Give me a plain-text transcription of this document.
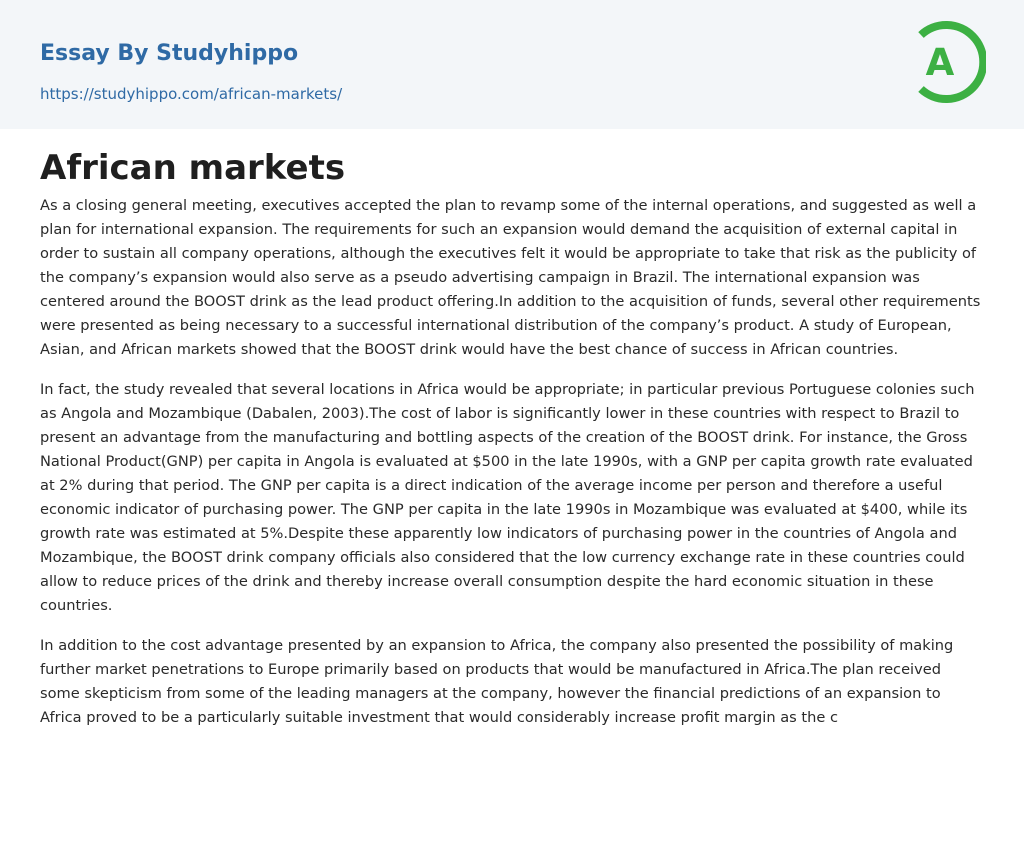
Essay By Studyhippo
https://studyhippo.com/african-markets/
A
African markets

As a closing general meeting, executives accepted the plan to revamp some of the internal operations, and suggested as well a plan for international expansion. The requirements for such an expansion would demand the acquisition of external capital in order to sustain all company operations, although the executives felt it would be appropriate to take that risk as the publicity of the company’s expansion would also serve as a pseudo advertising campaign in Brazil. The international expansion was centered around the BOOST drink as the lead product offering.In addition to the acquisition of funds, several other requirements were presented as being necessary to a successful international distribution of the company’s product. A study of European, Asian, and African markets showed that the BOOST drink would have the best chance of success in African countries.

In fact, the study revealed that several locations in Africa would be appropriate; in particular previous Portuguese colonies such as Angola and Mozambique (Dabalen, 2003).The cost of labor is significantly lower in these countries with respect to Brazil to present an advantage from the manufacturing and bottling aspects of the creation of the BOOST drink. For instance, the Gross National Product(GNP) per capita in Angola is evaluated at $500 in the late 1990s, with a GNP per capita growth rate evaluated at 2% during that period. The GNP per capita is a direct indication of the average income per person and therefore a useful economic indicator of purchasing power. The GNP per capita in the late 1990s in Mozambique was evaluated at $400, while its growth rate was estimated at 5%.Despite these apparently low indicators of purchasing power in the countries of Angola and Mozambique, the BOOST drink company officials also considered that the low currency exchange rate in these countries could allow to reduce prices of the drink and thereby increase overall consumption despite the hard economic situation in these countries.

In addition to the cost advantage presented by an expansion to Africa, the company also presented the possibility of making further market penetrations to Europe primarily based on products that would be manufactured in Africa.The plan received some skepticism from some of the leading managers at the company, however the financial predictions of an expansion to Africa proved to be a particularly suitable investment that would considerably increase profit margin as the c
